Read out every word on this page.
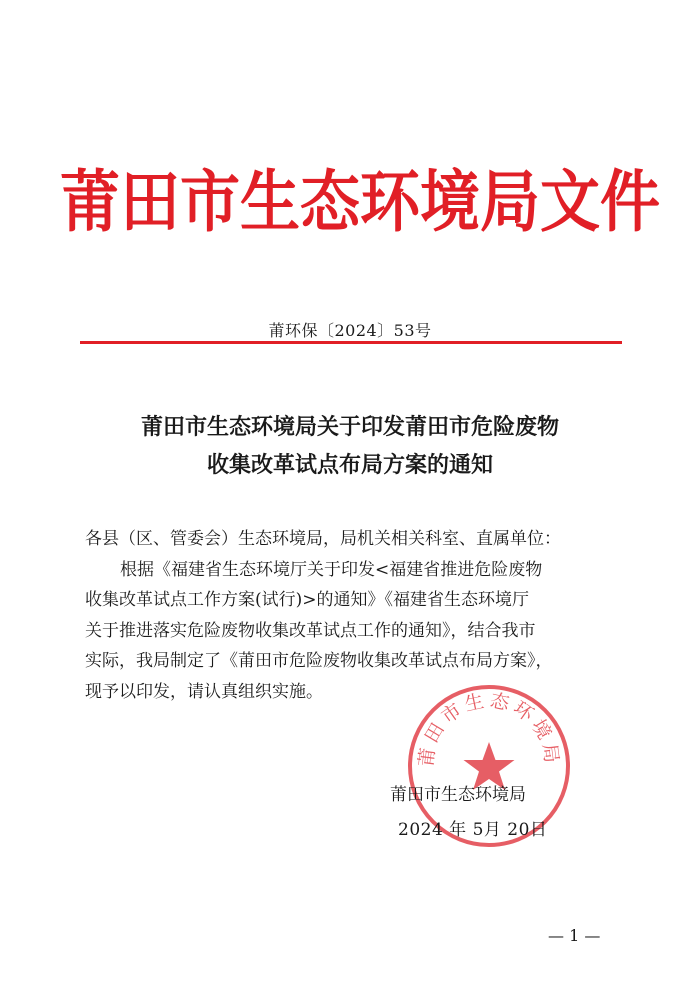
莆田市生态环境局文件
莆环保〔2024〕53号
莆田市生态环境局关于印发莆田市危险废物
收集改革试点布局方案的通知

各县（区、管委会）生态环境局，局机关相关科室、直属单位：

根据《福建省生态环境厅关于印发<福建省推进危险废物

收集改革试点工作方案(试行)>的通知》《福建省生态环境厅

关于推进落实危险废物收集改革试点工作的通知》，结合我市

实际，我局制定了《莆田市危险废物收集改革试点布局方案》，

现予以印发，请认真组织实施。

莆田市生态环境局
莆田市生态环境局
2024 年 5月 20日
— 1 —
